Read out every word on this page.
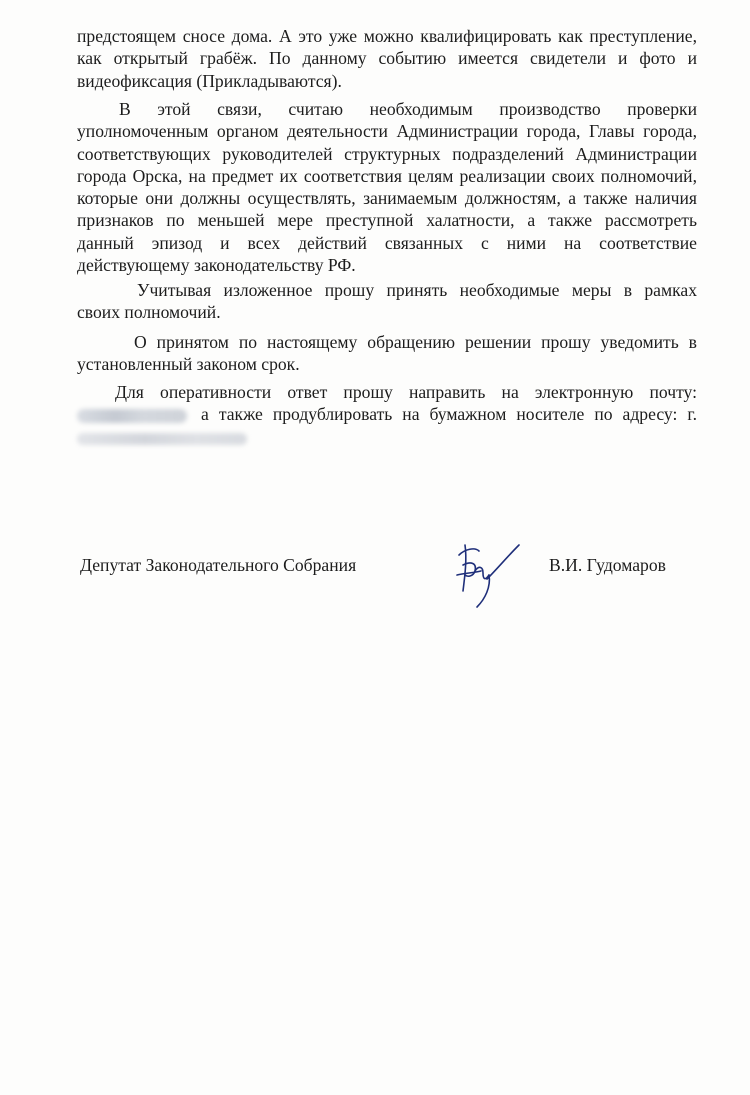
предстоящем сносе дома. А это уже можно квалифицировать как преступление,
как открытый грабёж. По данному событию имеется свидетели и фото и
видеофиксация (Прикладываются).
В этой связи, считаю необходимым производство проверки
уполномоченным органом деятельности Администрации города, Главы города,
соответствующих руководителей структурных подразделений Администрации
города Орска, на предмет их соответствия целям реализации своих полномочий,
которые они должны осуществлять, занимаемым должностям, а также наличия
признаков по меньшей мере преступной халатности, а также рассмотреть
данный эпизод и всех действий связанных с ними на соответствие
действующему законодательству РФ.
Учитывая изложенное прошу принять необходимые меры в рамках
своих полномочий.
О принятом по настоящему обращению решении прошу уведомить в
установленный законом срок.
Для оперативности ответ прошу направить на электронную почту:
а также продублировать на бумажном носителе по адресу: г.
Депутат Законодательного Собрания	В.И. Гудомаров
